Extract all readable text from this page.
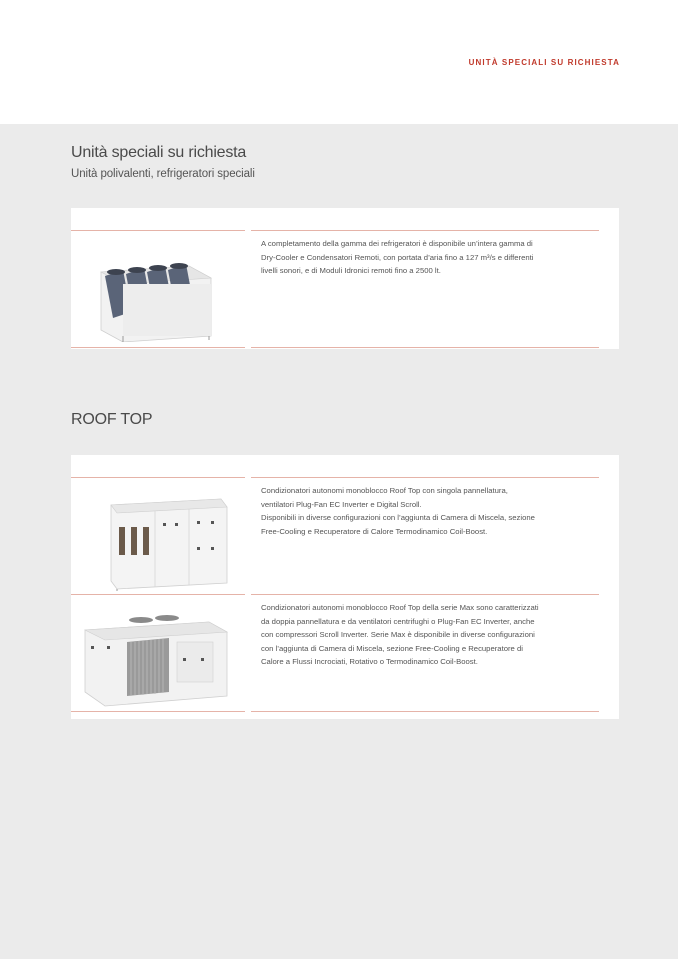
UNITÀ SPECIALI SU RICHIESTA
Unità speciali su richiesta
Unità polivalenti, refrigeratori speciali
A completamento della gamma dei refrigeratori è disponibile un’intera gamma di
Dry-Cooler e Condensatori Remoti, con portata d’aria fino a 127 m³/s e differenti
livelli sonori, e di Moduli Idronici remoti fino a 2500 lt.
ROOF TOP
Condizionatori autonomi monoblocco Roof Top con singola pannellatura,
ventilatori Plug-Fan EC Inverter e Digital Scroll.
Disponibili in diverse configurazioni con l’aggiunta di Camera di Miscela, sezione
Free-Cooling e Recuperatore di Calore Termodinamico Coil-Boost.
Condizionatori autonomi monoblocco Roof Top della serie Max sono caratterizzati
da doppia pannellatura e da ventilatori centrifughi o Plug-Fan EC Inverter, anche
con compressori Scroll Inverter. Serie Max è disponibile in diverse configurazioni
con l’aggiunta di Camera di Miscela, sezione Free-Cooling e Recuperatore di
Calore a Flussi Incrociati, Rotativo o Termodinamico Coil-Boost.
